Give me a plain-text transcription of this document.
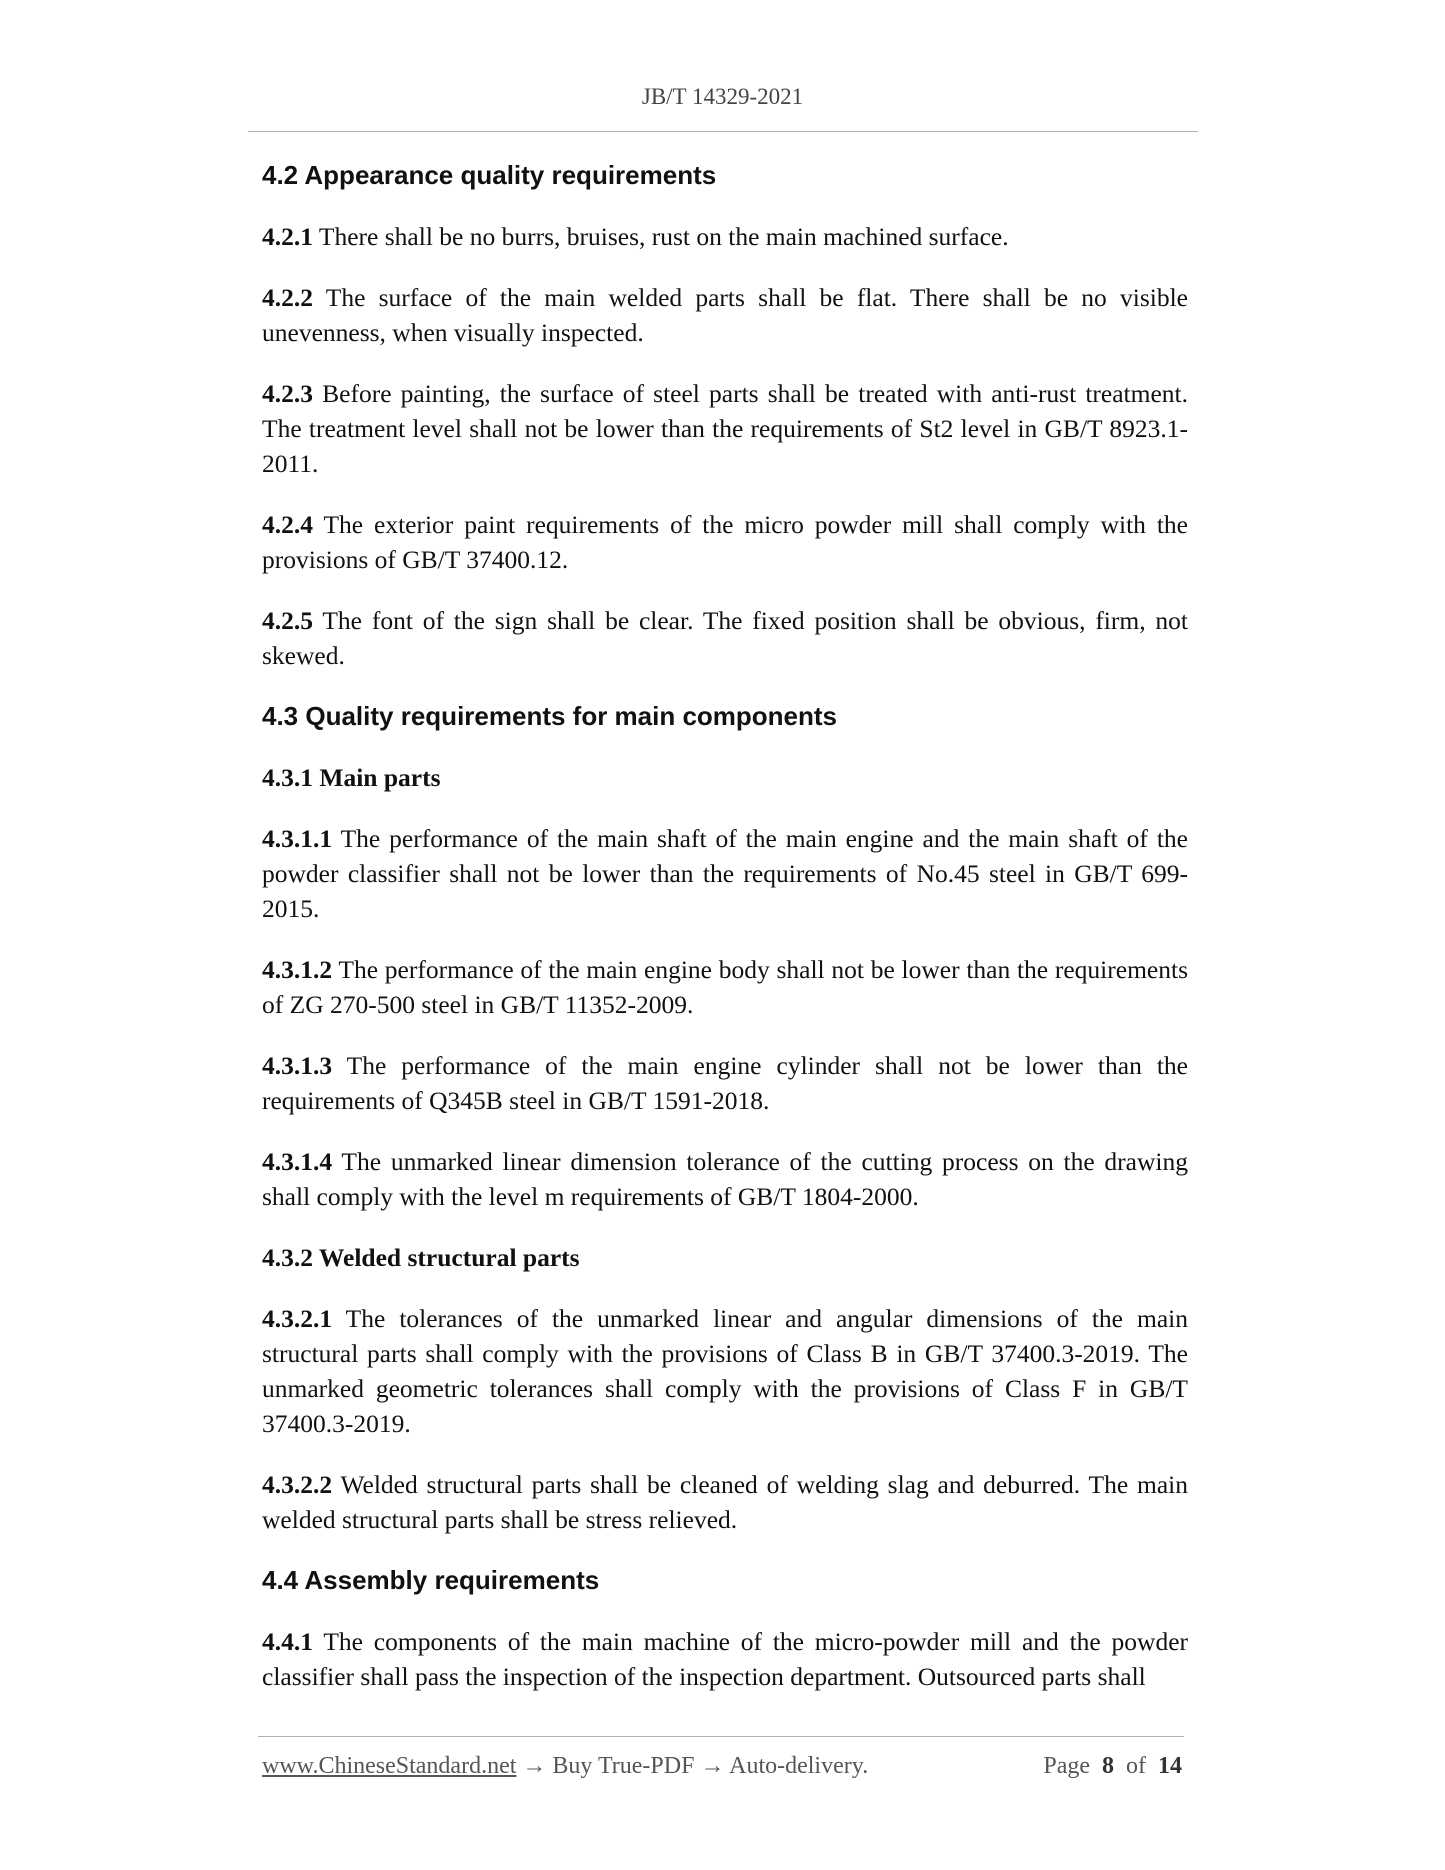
JB/T 14329-2021
4.2 Appearance quality requirements

4.2.1 There shall be no burrs, bruises, rust on the main machined surface.

4.2.2 The surface of the main welded parts shall be flat. There shall be no visible unevenness, when visually inspected.

4.2.3 Before painting, the surface of steel parts shall be treated with anti-rust treatment. The treatment level shall not be lower than the requirements of St2 level in GB/T 8923.1-2011.

4.2.4 The exterior paint requirements of the micro powder mill shall comply with the provisions of GB/T 37400.12.

4.2.5 The font of the sign shall be clear. The fixed position shall be obvious, firm, not skewed.

4.3 Quality requirements for main components
4.3.1 Main parts

4.3.1.1 The performance of the main shaft of the main engine and the main shaft of the powder classifier shall not be lower than the requirements of No.45 steel in GB/T 699-2015.

4.3.1.2 The performance of the main engine body shall not be lower than the requirements of ZG 270-500 steel in GB/T 11352-2009.

4.3.1.3 The performance of the main engine cylinder shall not be lower than the requirements of Q345B steel in GB/T 1591-2018.

4.3.1.4 The unmarked linear dimension tolerance of the cutting process on the drawing shall comply with the level m requirements of GB/T 1804-2000.

4.3.2 Welded structural parts

4.3.2.1 The tolerances of the unmarked linear and angular dimensions of the main structural parts shall comply with the provisions of Class B in GB/T 37400.3-2019. The unmarked geometric tolerances shall comply with the provisions of Class F in GB/T 37400.3-2019.

4.3.2.2 Welded structural parts shall be cleaned of welding slag and deburred. The main welded structural parts shall be stress relieved.

4.4 Assembly requirements

4.4.1 The components of the main machine of the micro-powder mill and the powder classifier shall pass the inspection of the inspection department. Outsourced parts shall

www.ChineseStandard.net → Buy True-PDF → Auto-delivery.	Page 8 of 14
